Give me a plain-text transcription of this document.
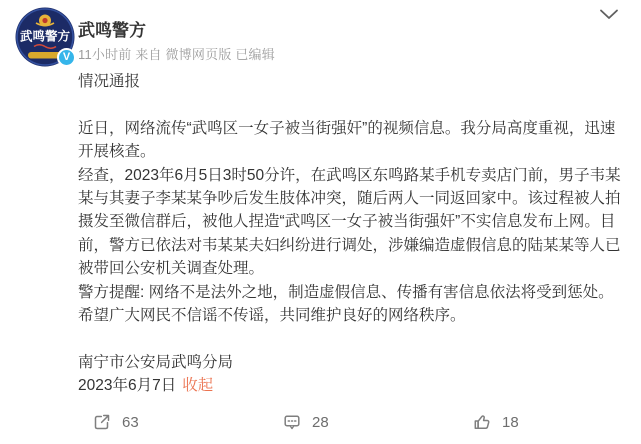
武鸣警方
V
武鸣警方
11小时前 来自 微博网页版 已编辑

情况通报

近日，网络流传“武鸣区一女子被当街强奸”的视频信息。我分局高度重视，迅速开展核查。

经查，2023年6月5日3时50分许，在武鸣区东鸣路某手机专卖店门前，男子韦某某与其妻子李某某争吵后发生肢体冲突，随后两人一同返回家中。该过程被人拍摄发至微信群后，被他人捏造“武鸣区一女子被当街强奸”不实信息发布上网。目前，警方已依法对韦某某夫妇纠纷进行调处，涉嫌编造虚假信息的陆某某等人已被带回公安机关调查处理。

警方提醒: 网络不是法外之地，制造虚假信息、传播有害信息依法将受到惩处。希望广大网民不信谣不传谣，共同维护良好的网络秩序。

南宁市公安局武鸣分局

2023年6月7日 收起

63	28	18
